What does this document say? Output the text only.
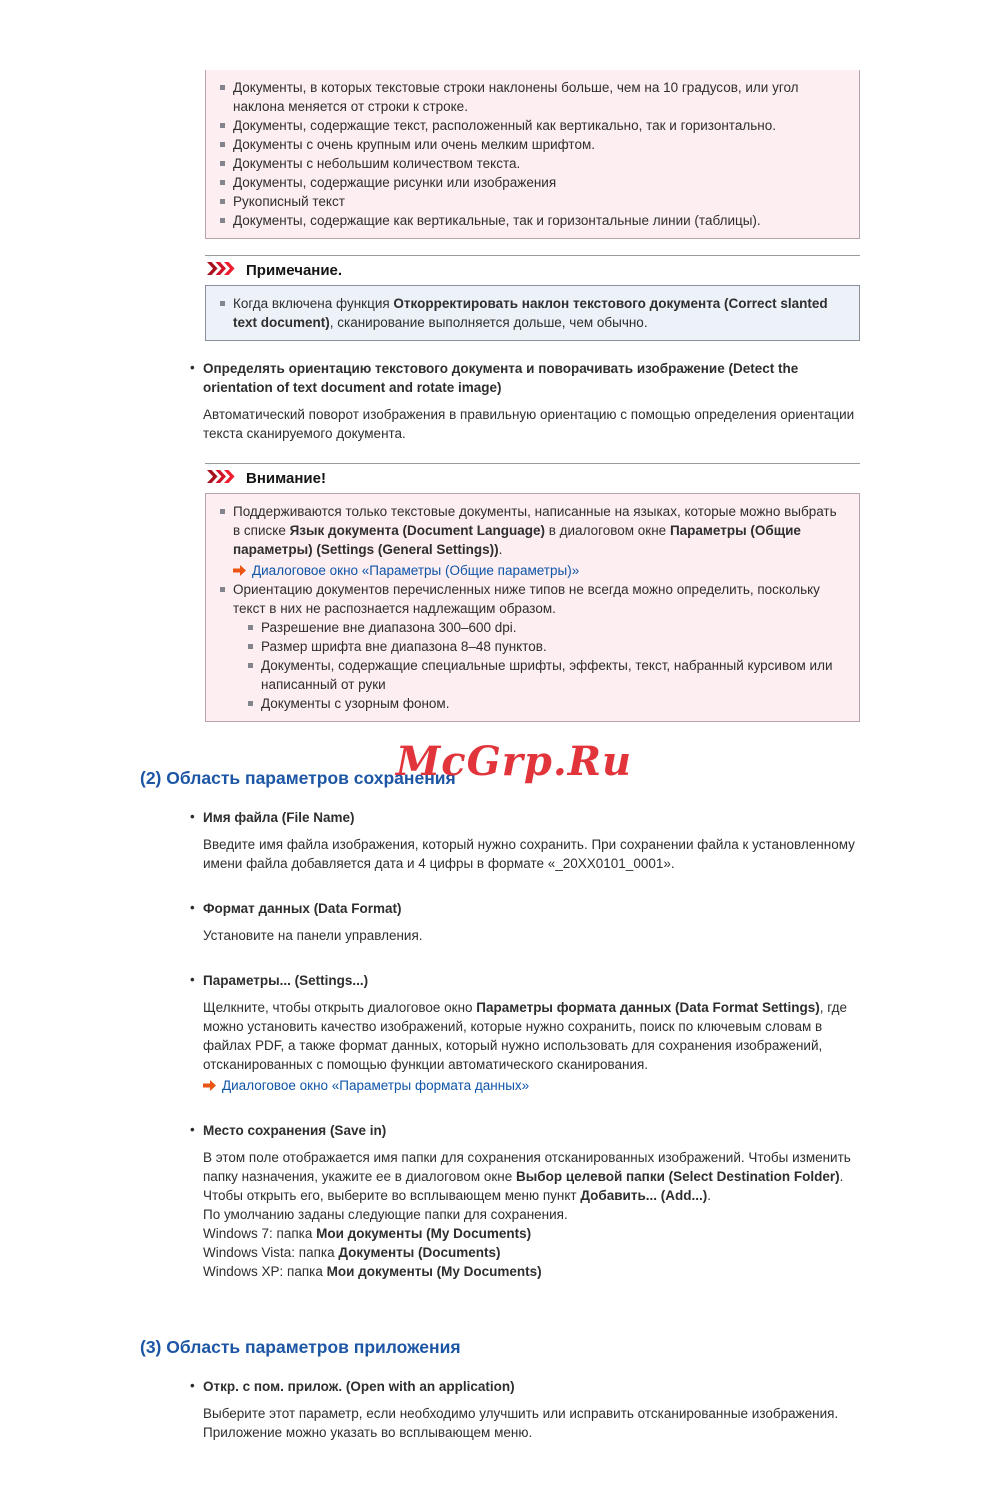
Документы, в которых текстовые строки наклонены больше, чем на 10 градусов, или угол наклона меняется от строки к строке.
Документы, содержащие текст, расположенный как вертикально, так и горизонтально.
Документы с очень крупным или очень мелким шрифтом.
Документы с небольшим количеством текста.
Документы, содержащие рисунки или изображения
Рукописный текст
Документы, содержащие как вертикальные, так и горизонтальные линии (таблицы).
Примечание.
Когда включена функция Откорректировать наклон текстового документа (Correct slanted text document), сканирование выполняется дольше, чем обычно.
• Определять ориентацию текстового документа и поворачивать изображение (Detect the orientation of text document and rotate image)

Автоматический поворот изображения в правильную ориентацию с помощью определения ориентации текста сканируемого документа.

Внимание!
Поддерживаются только текстовые документы, написанные на языках, которые можно выбрать в списке Язык документа (Document Language) в диалоговом окне Параметры (Общие параметры) (Settings (General Settings)).
Диалоговое окно «Параметры (Общие параметры)»
Ориентацию документов перечисленных ниже типов не всегда можно определить, поскольку текст в них не распознается надлежащим образом.
Разрешение вне диапазона 300–600 dpi.
Размер шрифта вне диапазона 8–48 пунктов.
Документы, содержащие специальные шрифты, эффекты, текст, набранный курсивом или написанный от руки
Документы с узорным фоном.
(2) Область параметров сохранения
McGrp.Ru
• Имя файла (File Name)

Введите имя файла изображения, который нужно сохранить. При сохранении файла к установленному имени файла добавляется дата и 4 цифры в формате «_20XX0101_0001».

• Формат данных (Data Format)

Установите на панели управления.

• Параметры... (Settings...)

Щелкните, чтобы открыть диалоговое окно Параметры формата данных (Data Format Settings), где можно установить качество изображений, которые нужно сохранить, поиск по ключевым словам в файлах PDF, а также формат данных, который нужно использовать для сохранения изображений, отсканированных с помощью функции автоматического сканирования.

Диалоговое окно «Параметры формата данных»
• Место сохранения (Save in)

В этом поле отображается имя папки для сохранения отсканированных изображений. Чтобы изменить папку назначения, укажите ее в диалоговом окне Выбор целевой папки (Select Destination Folder). Чтобы открыть его, выберите во всплывающем меню пункт Добавить... (Add...).

По умолчанию заданы следующие папки для сохранения.
Windows 7: папка Мои документы (My Documents)
Windows Vista: папка Документы (Documents)
Windows XP: папка Мои документы (My Documents)
(3) Область параметров приложения
• Откр. с пом. прилож. (Open with an application)

Выберите этот параметр, если необходимо улучшить или исправить отсканированные изображения.

Приложение можно указать во всплывающем меню.
